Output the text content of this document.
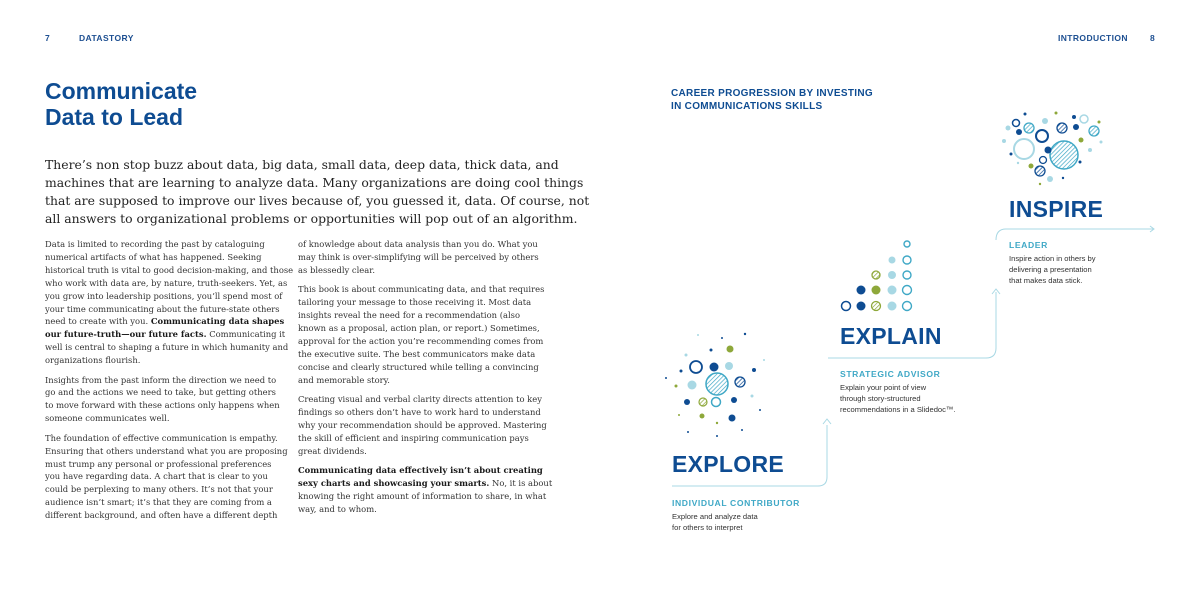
7	DATASTORY	INTRODUCTION	8
Communicate
Data to Lead
There’s non stop buzz about data, big data, small data, deep data, thick data, and
machines that are learning to analyze data. Many organizations are doing cool things
that are supposed to improve our lives because of, you guessed it, data. Of course, not
all answers to organizational problems or opportunities will pop out of an algorithm.
Data is limited to recording the past by cataloguing
numerical artifacts of what has happened. Seeking
historical truth is vital to good decision-making, and those
who work with data are, by nature, truth-seekers. Yet, as
you grow into leadership positions, you’ll spend most of
your time communicating about the future-state others
need to create with you. Communicating data shapes
our future-truth—our future facts. Communicating it
well is central to shaping a future in which humanity and
organizations flourish.
Insights from the past inform the direction we need to
go and the actions we need to take, but getting others
to move forward with these actions only happens when
someone communicates well.
The foundation of effective communication is empathy.
Ensuring that others understand what you are proposing
must trump any personal or professional preferences
you have regarding data. A chart that is clear to you
could be perplexing to many others. It’s not that your
audience isn’t smart; it’s that they are coming from a
different background, and often have a different depth
of knowledge about data analysis than you do. What you
may think is over-simplifying will be perceived by others
as blessedly clear.
This book is about communicating data, and that requires
tailoring your message to those receiving it. Most data
insights reveal the need for a recommendation (also
known as a proposal, action plan, or report.) Sometimes,
approval for the action you’re recommending comes from
the executive suite. The best communicators make data
concise and clearly structured while telling a convincing
and memorable story.
Creating visual and verbal clarity directs attention to key
findings so others don’t have to work hard to understand
why your recommendation should be approved. Mastering
the skill of efficient and inspiring communication pays
great dividends.
Communicating data effectively isn’t about creating
sexy charts and showcasing your smarts. No, it is about
knowing the right amount of information to share, in what
way, and to whom.
CAREER PROGRESSION BY INVESTING
IN COMMUNICATIONS SKILLS
EXPLORE
INDIVIDUAL CONTRIBUTOR
Explore and analyze data
for others to interpret
EXPLAIN
STRATEGIC ADVISOR
Explain your point of view
through story-structured
recommendations in a Slidedoc™.
INSPIRE
LEADER
Inspire action in others by
delivering a presentation
that makes data stick.
